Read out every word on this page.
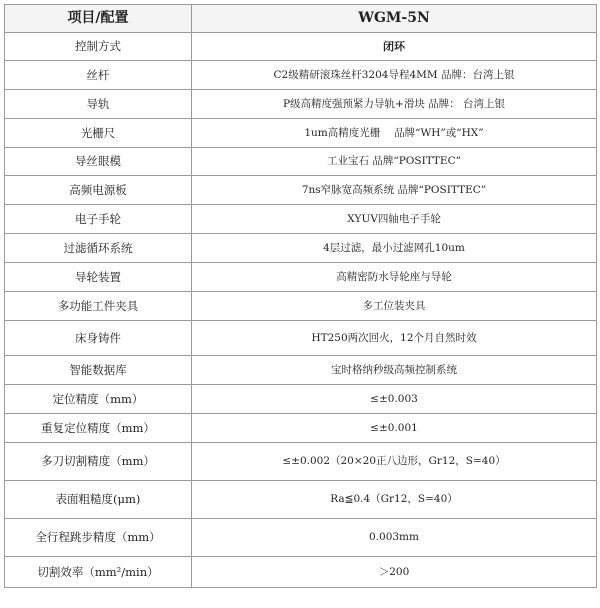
项目/配置	WGM-5N
控制方式	闭环
丝杆	C2级精研滚珠丝杆3204导程4MM 品牌：台湾上银
导轨	P级高精度强预紧力导轨+滑块 品牌： 台湾上银
光栅尺	1um高精度光栅　 品牌“WH”或“HX”
导丝眼模	工业宝石 品牌“POSITTEC”
高频电源板	7ns窄脉宽高频系统 品牌“POSITTEC”
电子手轮	XYUV四轴电子手轮
过滤循环系统	4层过滤，最小过滤网孔10um
导轮装置	高精密防水导轮座与导轮
多功能工件夹具	多工位装夹具
床身铸件	HT250两次回火，12个月自然时效
智能数据库	宝时格纳秒级高频控制系统
定位精度（mm）	≤±0.003
重复定位精度（mm）	≤±0.001
多刀切割精度（mm）	≤±0.002（20×20正八边形，Gr12，S=40）
表面粗糙度(μm)	Ra≦0.4（Gr12，S=40）
全行程跳步精度（mm）	0.003mm
切割效率（mm²/min）	＞200
